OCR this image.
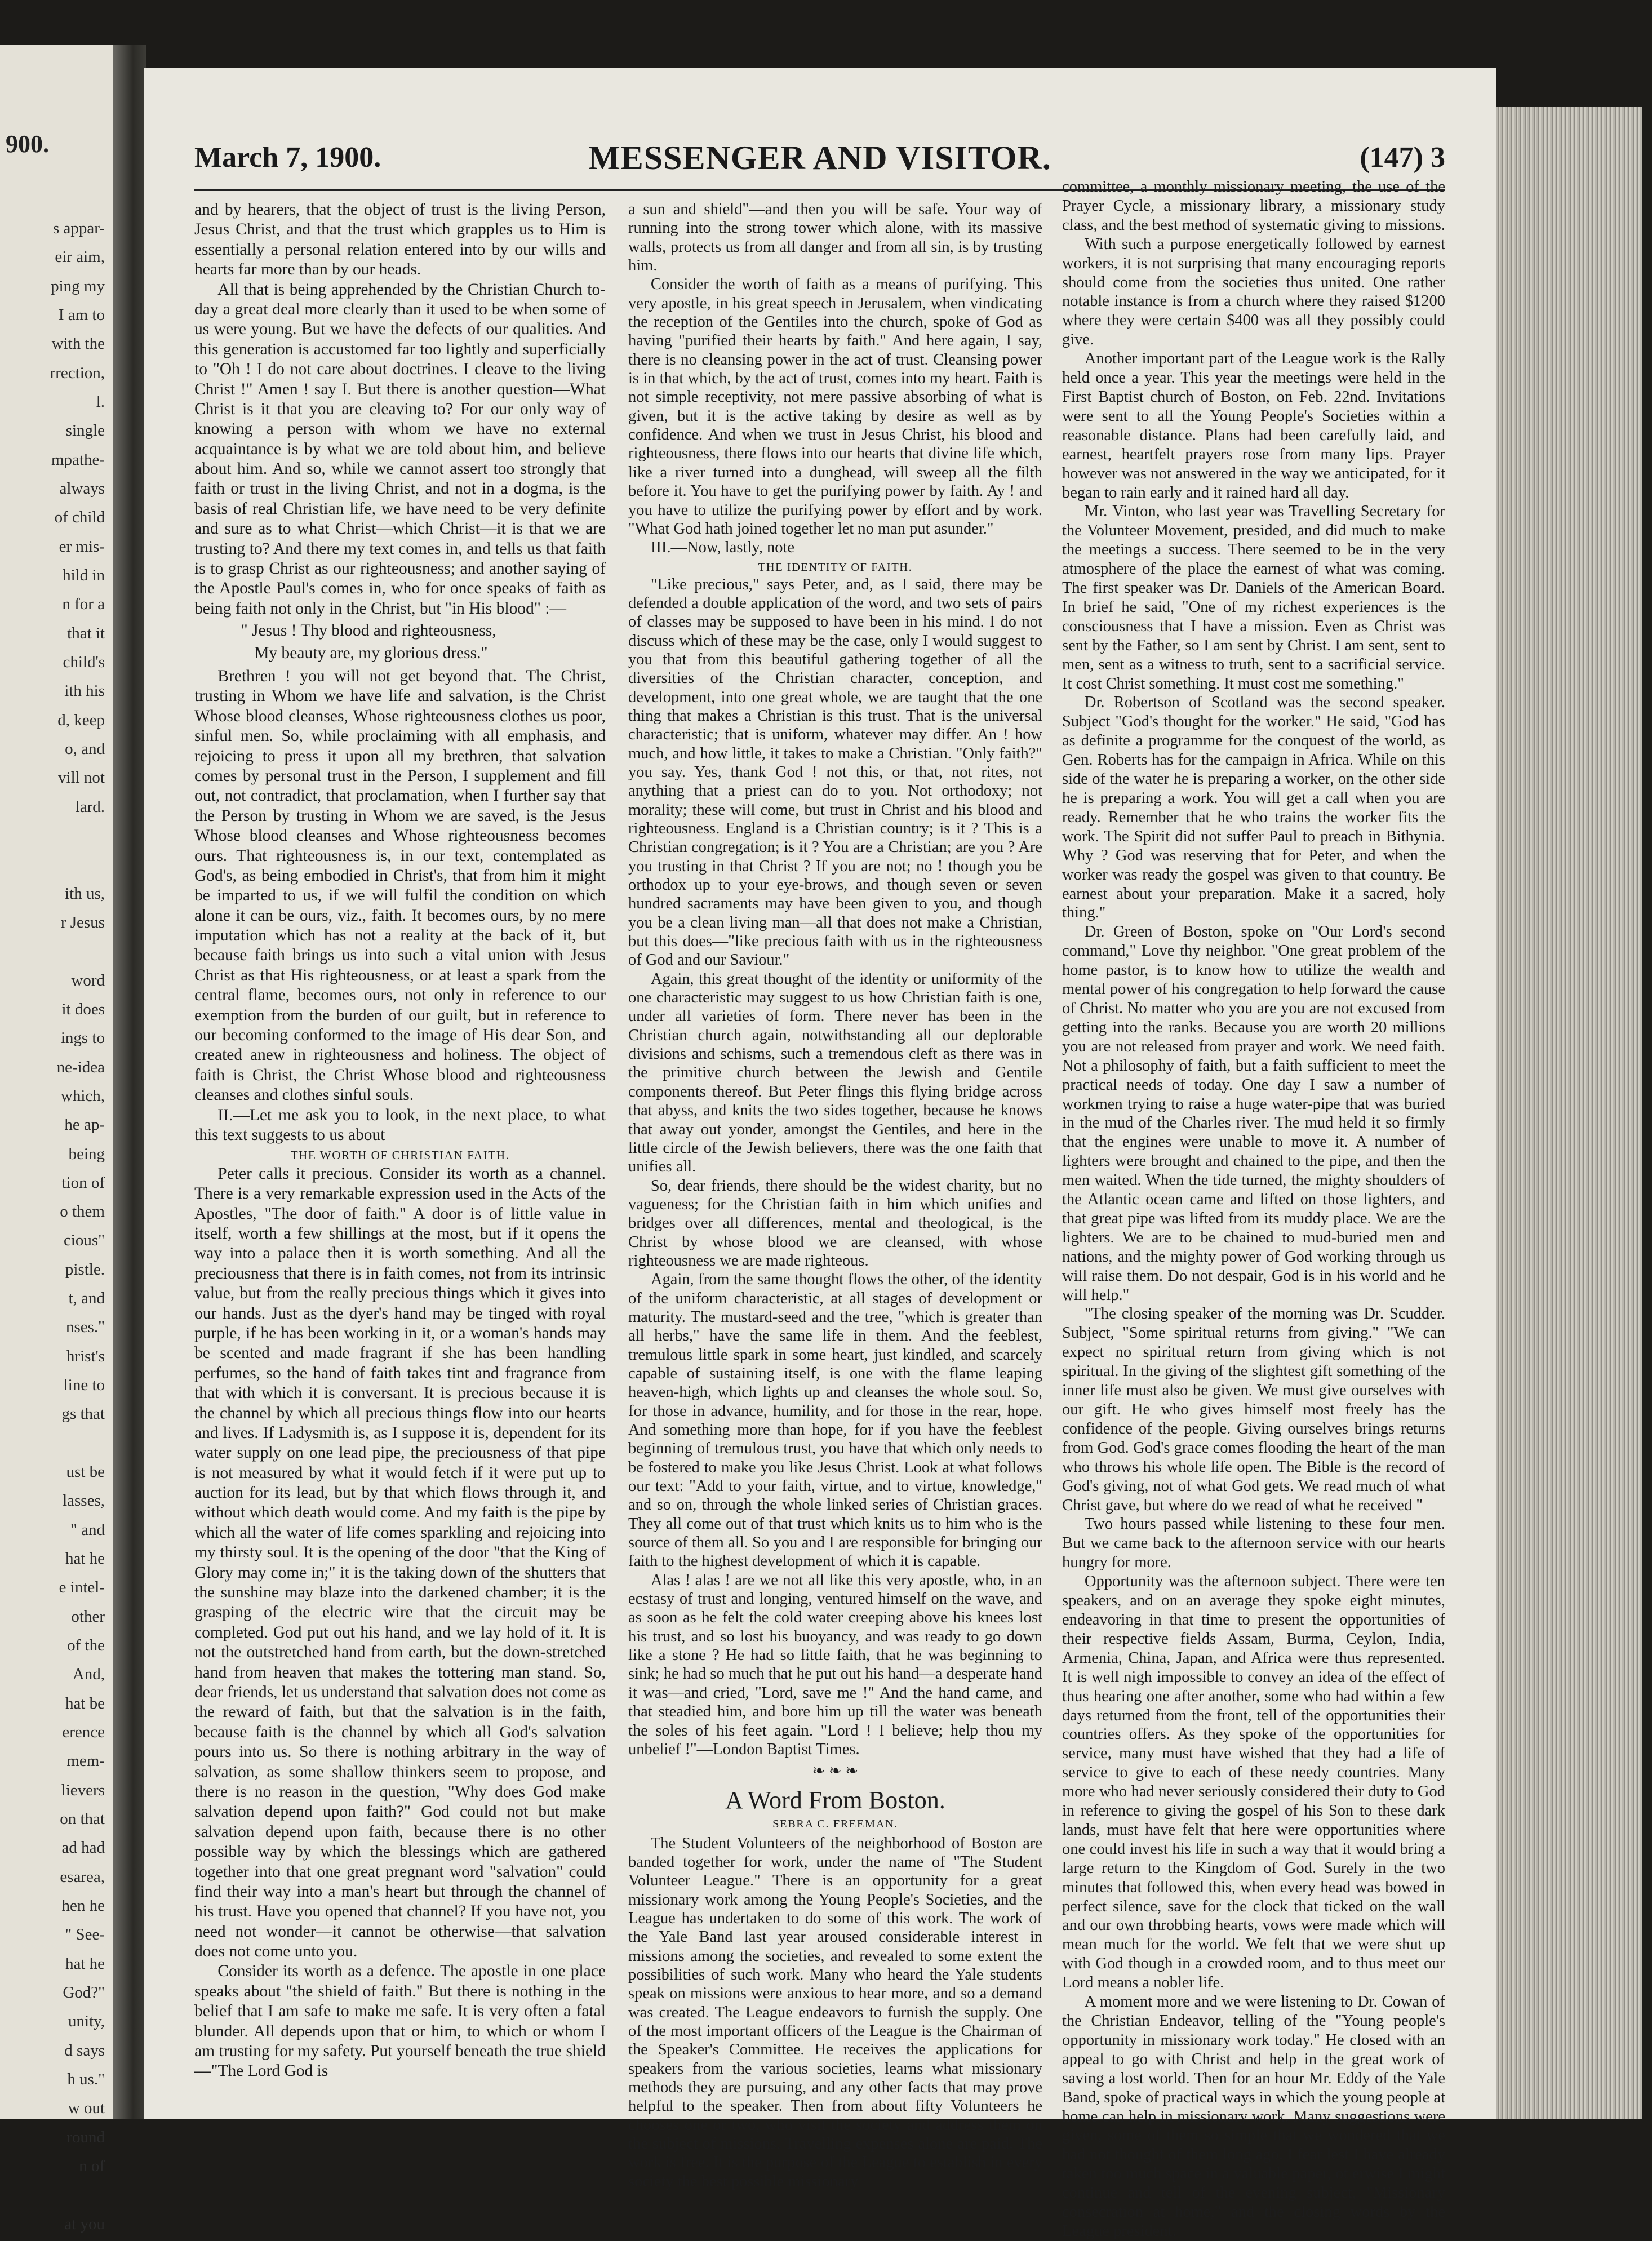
900.
s appar-
eir aim,
ping my
I am to
with the
rrection,
l.
single
mpathe-
always
of child
er mis-
hild in
n for a
that it
child's
ith his
d, keep
o, and
vill not
lard.

ith us,
r Jesus

word
it does
ings to
ne-idea
which,
he ap-
being
tion of
o them
cious"
pistle.
t, and
nses."
hrist's
line to
gs that

ust be
lasses,
" and
hat he
e intel-
other
of the
And,
hat be
erence
mem-
lievers
on that
ad had
esarea,
hen he
" See-
hat he
God?"
unity,
d says
h us."
w out
round
n of

at you
March 7, 1900.	MESSENGER AND VISITOR.	(147) 3

and by hearers, that the object of trust is the living Person, Jesus Christ, and that the trust which grapples us to Him is essentially a personal relation entered into by our wills and hearts far more than by our heads.

All that is being apprehended by the Christian Church to-day a great deal more clearly than it used to be when some of us were young. But we have the defects of our qualities. And this generation is accustomed far too lightly and superficially to "Oh ! I do not care about doctrines. I cleave to the living Christ !" Amen ! say I. But there is another question—What Christ is it that you are cleaving to? For our only way of knowing a person with whom we have no external acquaintance is by what we are told about him, and believe about him. And so, while we cannot assert too strongly that faith or trust in the living Christ, and not in a dogma, is the basis of real Christian life, we have need to be very definite and sure as to what Christ—which Christ—it is that we are trusting to? And there my text comes in, and tells us that faith is to grasp Christ as our righteousness; and another saying of the Apostle Paul's comes in, who for once speaks of faith as being faith not only in the Christ, but "in His blood" :—

" Jesus ! Thy blood and righteousness,

My beauty are, my glorious dress."

Brethren ! you will not get beyond that. The Christ, trusting in Whom we have life and salvation, is the Christ Whose blood cleanses, Whose righteousness clothes us poor, sinful men. So, while proclaiming with all emphasis, and rejoicing to press it upon all my brethren, that salvation comes by personal trust in the Person, I supplement and fill out, not contradict, that proclamation, when I further say that the Person by trusting in Whom we are saved, is the Jesus Whose blood cleanses and Whose righteousness becomes ours. That righteousness is, in our text, contemplated as God's, as being embodied in Christ's, that from him it might be imparted to us, if we will fulfil the condition on which alone it can be ours, viz., faith. It becomes ours, by no mere imputation which has not a reality at the back of it, but because faith brings us into such a vital union with Jesus Christ as that His righteousness, or at least a spark from the central flame, becomes ours, not only in reference to our exemption from the burden of our guilt, but in reference to our becoming conformed to the image of His dear Son, and created anew in righteousness and holiness. The object of faith is Christ, the Christ Whose blood and righteousness cleanses and clothes sinful souls.

II.—Let me ask you to look, in the next place, to what this text suggests to us about

THE WORTH OF CHRISTIAN FAITH.

Peter calls it precious. Consider its worth as a channel. There is a very remarkable expression used in the Acts of the Apostles, "The door of faith." A door is of little value in itself, worth a few shillings at the most, but if it opens the way into a palace then it is worth something. And all the preciousness that there is in faith comes, not from its intrinsic value, but from the really precious things which it gives into our hands. Just as the dyer's hand may be tinged with royal purple, if he has been working in it, or a woman's hands may be scented and made fragrant if she has been handling perfumes, so the hand of faith takes tint and fragrance from that with which it is conversant. It is precious because it is the channel by which all precious things flow into our hearts and lives. If Ladysmith is, as I suppose it is, dependent for its water supply on one lead pipe, the preciousness of that pipe is not measured by what it would fetch if it were put up to auction for its lead, but by that which flows through it, and without which death would come. And my faith is the pipe by which all the water of life comes sparkling and rejoicing into my thirsty soul. It is the opening of the door "that the King of Glory may come in;" it is the taking down of the shutters that the sunshine may blaze into the darkened chamber; it is the grasping of the electric wire that the circuit may be completed. God put out his hand, and we lay hold of it. It is not the outstretched hand from earth, but the down-stretched hand from heaven that makes the tottering man stand. So, dear friends, let us understand that salvation does not come as the reward of faith, but that the salvation is in the faith, because faith is the channel by which all God's salvation pours into us. So there is nothing arbitrary in the way of salvation, as some shallow thinkers seem to propose, and there is no reason in the question, "Why does God make salvation depend upon faith?" God could not but make salvation depend upon faith, because there is no other possible way by which the blessings which are gathered together into that one great pregnant word "salvation" could find their way into a man's heart but through the channel of his trust. Have you opened that channel? If you have not, you need not wonder—it cannot be otherwise—that salvation does not come unto you.

Consider its worth as a defence. The apostle in one place speaks about "the shield of faith." But there is nothing in the belief that I am safe to make me safe. It is very often a fatal blunder. All depends upon that or him, to which or whom I am trusting for my safety. Put yourself beneath the true shield—"The Lord God is

a sun and shield"—and then you will be safe. Your way of running into the strong tower which alone, with its massive walls, protects us from all danger and from all sin, is by trusting him.

Consider the worth of faith as a means of purifying. This very apostle, in his great speech in Jerusalem, when vindicating the reception of the Gentiles into the church, spoke of God as having "purified their hearts by faith." And here again, I say, there is no cleansing power in the act of trust. Cleansing power is in that which, by the act of trust, comes into my heart. Faith is not simple receptivity, not mere passive absorbing of what is given, but it is the active taking by desire as well as by confidence. And when we trust in Jesus Christ, his blood and righteousness, there flows into our hearts that divine life which, like a river turned into a dunghead, will sweep all the filth before it. You have to get the purifying power by faith. Ay ! and you have to utilize the purifying power by effort and by work. "What God hath joined together let no man put asunder."

III.—Now, lastly, note

THE IDENTITY OF FAITH.

"Like precious," says Peter, and, as I said, there may be defended a double application of the word, and two sets of pairs of classes may be supposed to have been in his mind. I do not discuss which of these may be the case, only I would suggest to you that from this beautiful gathering together of all the diversities of the Christian character, conception, and development, into one great whole, we are taught that the one thing that makes a Christian is this trust. That is the universal characteristic; that is uniform, whatever may differ. An ! how much, and how little, it takes to make a Christian. "Only faith?" you say. Yes, thank God ! not this, or that, not rites, not anything that a priest can do to you. Not orthodoxy; not morality; these will come, but trust in Christ and his blood and righteousness. England is a Christian country; is it ? This is a Christian congregation; is it ? You are a Christian; are you ? Are you trusting in that Christ ? If you are not; no ! though you be orthodox up to your eye-brows, and though seven or seven hundred sacraments may have been given to you, and though you be a clean living man—all that does not make a Christian, but this does—"like precious faith with us in the righteousness of God and our Saviour."

Again, this great thought of the identity or uniformity of the one characteristic may suggest to us how Christian faith is one, under all varieties of form. There never has been in the Christian church again, notwithstanding all our deplorable divisions and schisms, such a tremendous cleft as there was in the primitive church between the Jewish and Gentile components thereof. But Peter flings this flying bridge across that abyss, and knits the two sides together, because he knows that away out yonder, amongst the Gentiles, and here in the little circle of the Jewish believers, there was the one faith that unifies all.

So, dear friends, there should be the widest charity, but no vagueness; for the Christian faith in him which unifies and bridges over all differences, mental and theological, is the Christ by whose blood we are cleansed, with whose righteousness we are made righteous.

Again, from the same thought flows the other, of the identity of the uniform characteristic, at all stages of development or maturity. The mustard-seed and the tree, "which is greater than all herbs," have the same life in them. And the feeblest, tremulous little spark in some heart, just kindled, and scarcely capable of sustaining itself, is one with the flame leaping heaven-high, which lights up and cleanses the whole soul. So, for those in advance, humility, and for those in the rear, hope. And something more than hope, for if you have the feeblest beginning of tremulous trust, you have that which only needs to be fostered to make you like Jesus Christ. Look at what follows our text: "Add to your faith, virtue, and to virtue, knowledge," and so on, through the whole linked series of Christian graces. They all come out of that trust which knits us to him who is the source of them all. So you and I are responsible for bringing our faith to the highest development of which it is capable.

Alas ! alas ! are we not all like this very apostle, who, in an ecstasy of trust and longing, ventured himself on the wave, and as soon as he felt the cold water creeping above his knees lost his trust, and so lost his buoyancy, and was ready to go down like a stone ? He had so little faith, that he was beginning to sink; he had so much that he put out his hand—a desperate hand it was—and cried, "Lord, save me !" And the hand came, and that steadied him, and bore him up till the water was beneath the soles of his feet again. "Lord ! I believe; help thou my unbelief !"—London Baptist Times.

❧ ❧ ❧

A Word From Boston.

SEBRA C. FREEMAN.

The Student Volunteers of the neighborhood of Boston are banded together for work, under the name of "The Student Volunteer League." There is an opportunity for a great missionary work among the Young People's Societies, and the League has undertaken to do some of this work. The work of the Yale Band last year aroused considerable interest in missions among the societies, and revealed to some extent the possibilities of such work. Many who heard the Yale students speak on missions were anxious to hear more, and so a demand was created. The League endeavors to furnish the supply. One of the most important officers of the League is the Chairman of the Speaker's Committee. He receives the applications for speakers from the various societies, learns what missionary methods they are pursuing, and any other facts that may prove helpful to the speaker. Then from about fifty Volunteers he chooses one or two, who visit the society and address them on the subject of missions. Travelling expenses alone are paid. The work is free. It is the purpose of the League to establish in every society the best possible missionary

committee, a monthly missionary meeting, the use of the Prayer Cycle, a missionary library, a missionary study class, and the best method of systematic giving to missions.

With such a purpose energetically followed by earnest workers, it is not surprising that many encouraging reports should come from the societies thus united. One rather notable instance is from a church where they raised $1200 where they were certain $400 was all they possibly could give.

Another important part of the League work is the Rally held once a year. This year the meetings were held in the First Baptist church of Boston, on Feb. 22nd. Invitations were sent to all the Young People's Societies within a reasonable distance. Plans had been carefully laid, and earnest, heartfelt prayers rose from many lips. Prayer however was not answered in the way we anticipated, for it began to rain early and it rained hard all day.

Mr. Vinton, who last year was Travelling Secretary for the Volunteer Movement, presided, and did much to make the meetings a success. There seemed to be in the very atmosphere of the place the earnest of what was coming. The first speaker was Dr. Daniels of the American Board. In brief he said, "One of my richest experiences is the consciousness that I have a mission. Even as Christ was sent by the Father, so I am sent by Christ. I am sent, sent to men, sent as a witness to truth, sent to a sacrificial service. It cost Christ something. It must cost me something."

Dr. Robertson of Scotland was the second speaker. Subject "God's thought for the worker." He said, "God has as definite a programme for the conquest of the world, as Gen. Roberts has for the campaign in Africa. While on this side of the water he is preparing a worker, on the other side he is preparing a work. You will get a call when you are ready. Remember that he who trains the worker fits the work. The Spirit did not suffer Paul to preach in Bithynia. Why ? God was reserving that for Peter, and when the worker was ready the gospel was given to that country. Be earnest about your preparation. Make it a sacred, holy thing."

Dr. Green of Boston, spoke on "Our Lord's second command," Love thy neighbor. "One great problem of the home pastor, is to know how to utilize the wealth and mental power of his congregation to help forward the cause of Christ. No matter who you are you are not excused from getting into the ranks. Because you are worth 20 millions you are not released from prayer and work. We need faith. Not a philosophy of faith, but a faith sufficient to meet the practical needs of today. One day I saw a number of workmen trying to raise a huge water-pipe that was buried in the mud of the Charles river. The mud held it so firmly that the engines were unable to move it. A number of lighters were brought and chained to the pipe, and then the men waited. When the tide turned, the mighty shoulders of the Atlantic ocean came and lifted on those lighters, and that great pipe was lifted from its muddy place. We are the lighters. We are to be chained to mud-buried men and nations, and the mighty power of God working through us will raise them. Do not despair, God is in his world and he will help."

"The closing speaker of the morning was Dr. Scudder. Subject, "Some spiritual returns from giving." "We can expect no spiritual return from giving which is not spiritual. In the giving of the slightest gift something of the inner life must also be given. We must give ourselves with our gift. He who gives himself most freely has the confidence of the people. Giving ourselves brings returns from God. God's grace comes flooding the heart of the man who throws his whole life open. The Bible is the record of God's giving, not of what God gets. We read much of what Christ gave, but where do we read of what he received "

Two hours passed while listening to these four men. But we came back to the afternoon service with our hearts hungry for more.

Opportunity was the afternoon subject. There were ten speakers, and on an average they spoke eight minutes, endeavoring in that time to present the opportunities of their respective fields Assam, Burma, Ceylon, India, Armenia, China, Japan, and Africa were thus represented. It is well nigh impossible to convey an idea of the effect of thus hearing one after another, some who had within a few days returned from the front, tell of the opportunities their countries offers. As they spoke of the opportunities for service, many must have wished that they had a life of service to give to each of these needy countries. Many more who had never seriously considered their duty to God in reference to giving the gospel of his Son to these dark lands, must have felt that here were opportunities where one could invest his life in such a way that it would bring a large return to the Kingdom of God. Surely in the two minutes that followed this, when every head was bowed in perfect silence, save for the clock that ticked on the wall and our own throbbing hearts, vows were made which will mean much for the world. We felt that we were shut up with God though in a crowded room, and to thus meet our Lord means a nobler life.

A moment more and we were listening to Dr. Cowan of the Christian Endeavor, telling of the "Young people's opportunity in missionary work today." He closed with an appeal to go with Christ and help in the great work of saving a lost world. Then for an hour Mr. Eddy of the Yale Band, spoke of practical ways in which the young people at home can help in missionary work. Many suggestions were given, some of them so simple that we wondered that we had not thought of them long ago. I fear lest I have already taken too much space in a valuable paper, ot erwise I might continue and tell of the evening subject, "Missionary consecration at home," and the closing words by the League president.
